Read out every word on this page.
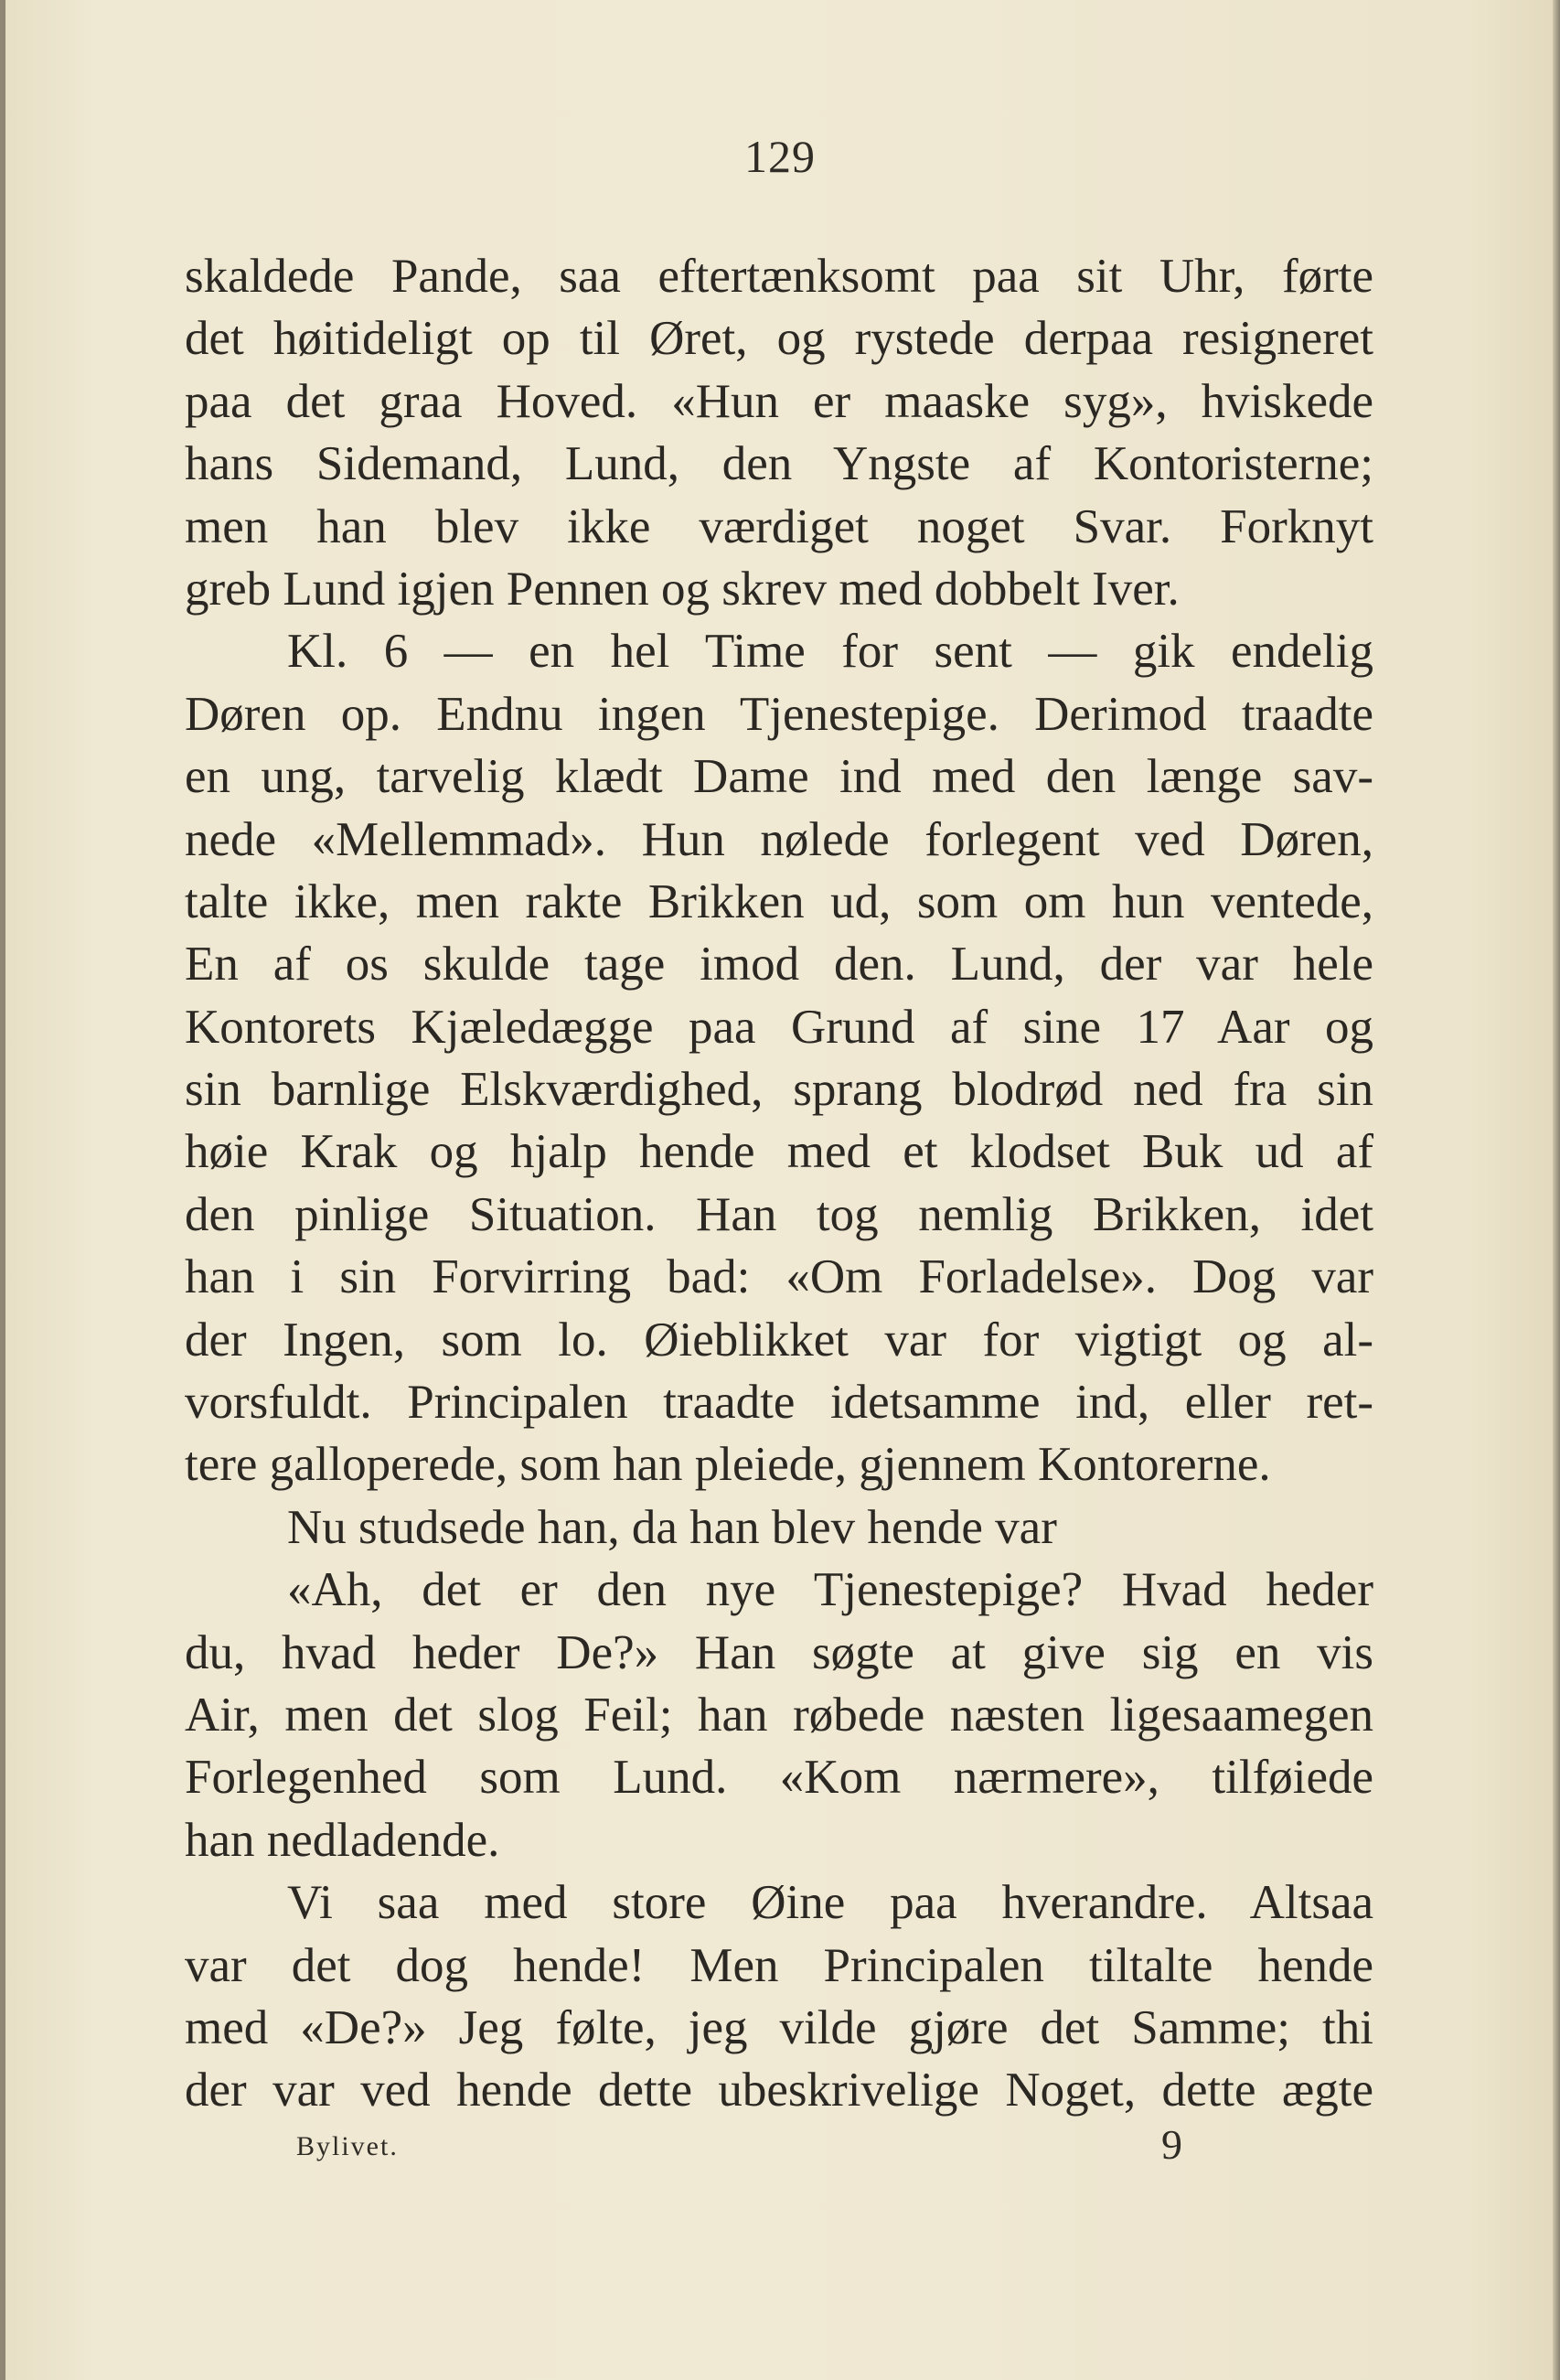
129
skaldede Pande, saa eftertænksomt paa sit Uhr, førte
det høitideligt op til Øret, og rystede derpaa resigneret
paa det graa Hoved. «Hun er maaske syg», hviskede
hans Sidemand, Lund, den Yngste af Kontoristerne;
men han blev ikke værdiget noget Svar. Forknyt
greb Lund igjen Pennen og skrev med dobbelt Iver.
Kl. 6 — en hel Time for sent — gik endelig
Døren op. Endnu ingen Tjenestepige. Derimod traadte
en ung, tarvelig klædt Dame ind med den længe sav-
nede «Mellemmad». Hun nølede forlegent ved Døren,
talte ikke, men rakte Brikken ud, som om hun ventede,
En af os skulde tage imod den. Lund, der var hele
Kontorets Kjæledægge paa Grund af sine 17 Aar og
sin barnlige Elskværdighed, sprang blodrød ned fra sin
høie Krak og hjalp hende med et klodset Buk ud af
den pinlige Situation. Han tog nemlig Brikken, idet
han i sin Forvirring bad: «Om Forladelse». Dog var
der Ingen, som lo. Øieblikket var for vigtigt og al-
vorsfuldt. Principalen traadte idetsamme ind, eller ret-
tere galloperede, som han pleiede, gjennem Kontorerne.
Nu studsede han, da han blev hende var
«Ah, det er den nye Tjenestepige? Hvad heder
du, hvad heder De?» Han søgte at give sig en vis
Air, men det slog Feil; han røbede næsten ligesaamegen
Forlegenhed som Lund. «Kom nærmere», tilføiede
han nedladende.
Vi saa med store Øine paa hverandre. Altsaa
var det dog hende! Men Principalen tiltalte hende
med «De?» Jeg følte, jeg vilde gjøre det Samme; thi
der var ved hende dette ubeskrivelige Noget, dette ægte
Bylivet.	9
